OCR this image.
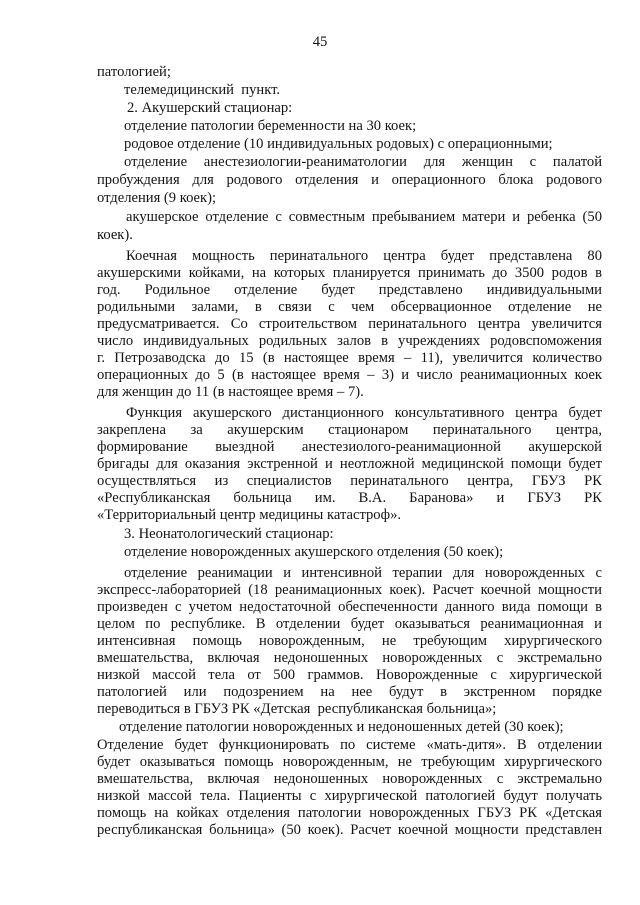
45
патологией;
телемедицинский  пункт.
2. Акушерский стационар:
отделение патологии беременности на 30 коек;
родовое отделение (10 индивидуальных родовых) с операционными;
отделение анестезиологии-реаниматологии для женщин с палатой
пробуждения для родового отделения и операционного блока родового
отделения (9 коек);
акушерское отделение с совместным пребыванием матери и ребенка (50
коек).
Коечная мощность перинатального центра будет представлена 80
акушерскими койками, на которых планируется принимать до 3500 родов в
год. Родильное отделение будет представлено индивидуальными
родильными залами, в связи с чем обсервационное отделение не
предусматривается. Со строительством перинатального центра увеличится
число индивидуальных родильных залов в учреждениях родовспоможения
г. Петрозаводска до 15 (в настоящее время – 11), увеличится количество
операционных до 5 (в настоящее время – 3) и число реанимационных коек
для женщин до 11 (в настоящее время – 7).
Функция акушерского дистанционного консультативного центра будет
закреплена за акушерским стационаром перинатального центра,
формирование выездной анестезиолого-реанимационной акушерской
бригады для оказания экстренной и неотложной медицинской помощи будет
осуществляться из специалистов перинатального центра, ГБУЗ РК
«Республиканская больница им. В.А. Баранова» и ГБУЗ РК
«Территориальный центр медицины катастроф».
3. Неонатологический стационар:
отделение новорожденных акушерского отделения (50 коек);
отделение реанимации и интенсивной терапии для новорожденных с
экспресс-лабораторией (18 реанимационных коек). Расчет коечной мощности
произведен с учетом недостаточной обеспеченности данного вида помощи в
целом по республике. В отделении будет оказываться реанимационная и
интенсивная помощь новорожденным, не требующим хирургического
вмешательства, включая недоношенных новорожденных с экстремально
низкой массой тела от 500 граммов. Новорожденные с хирургической
патологией или подозрением на нее будут в экстренном порядке
переводиться в ГБУЗ РК «Детская  республиканская больница»;
отделение патологии новорожденных и недоношенных детей (30 коек);
Отделение будет функционировать по системе «мать-дитя». В отделении
будет оказываться помощь новорожденным, не требующим хирургического
вмешательства, включая недоношенных новорожденных с экстремально
низкой массой тела. Пациенты с хирургической патологией будут получать
помощь на койках отделения патологии новорожденных ГБУЗ РК «Детская
республиканская больница» (50 коек). Расчет коечной мощности представлен
